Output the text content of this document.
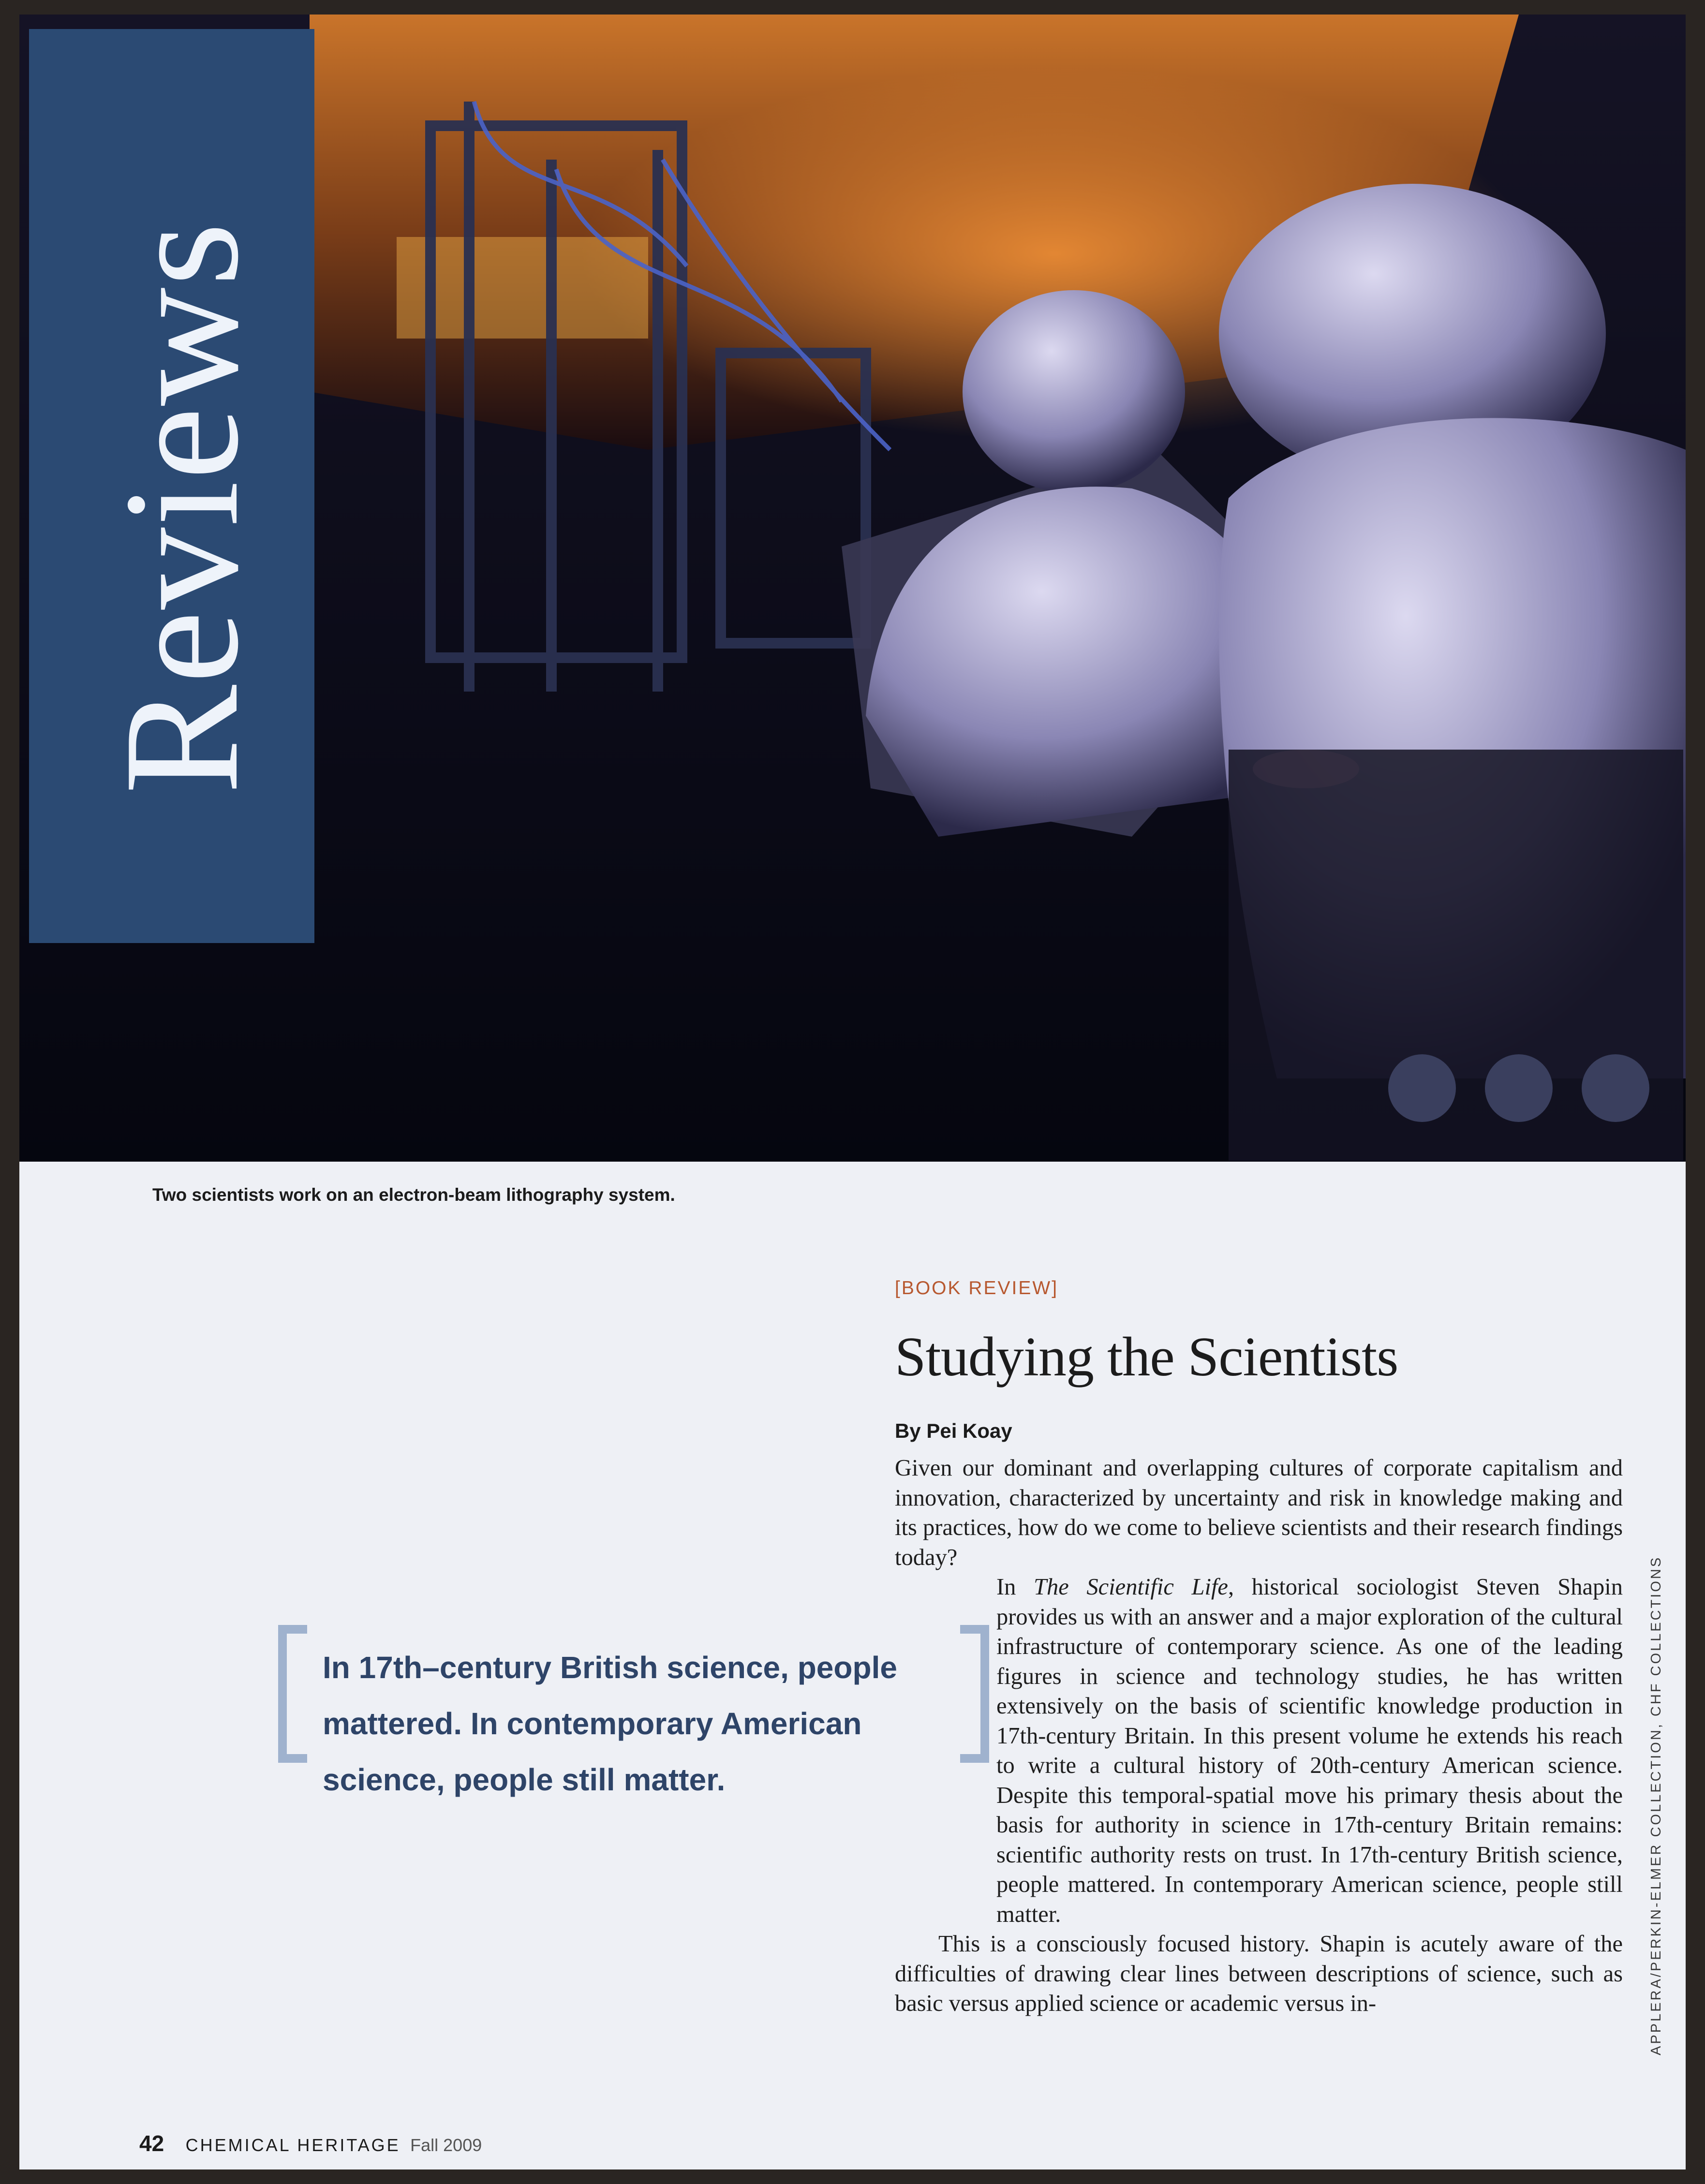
Reviews
Two scientists work on an electron-beam lithography system.
[BOOK REVIEW]
Studying the Scientists
By Pei Koay

Given our dominant and overlapping cultures of corporate capitalism and innovation, characterized by uncertainty and risk in knowledge making and its practices, how do we come to believe scientists and their research findings today?

In The Scientific Life, historical sociologist Steven Shapin provides us with an answer and a major exploration of the cultural infrastructure of contemporary science. As one of the leading figures in science and technology studies, he has written extensively on the basis of scientific knowledge production in 17th-century Britain. In this present volume he extends his reach to write a cultural history of 20th-century American science. Despite this temporal-spatial move his primary thesis about the basis for authority in science in 17th-century Britain remains: scientific authority rests on trust. In 17th-century British science, people mattered. In contemporary American science, people still matter.

This is a consciously focused history. Shapin is acutely aware of the difficulties of drawing clear lines between descriptions of science, such as basic versus applied science or academic versus in-

In 17th–century British science, people
mattered. In contemporary American
science, people still matter.	APPLERA/PERKIN-ELMER COLLECTION, CHF COLLECTIONS
42 CHEMICAL HERITAGE Fall 2009
